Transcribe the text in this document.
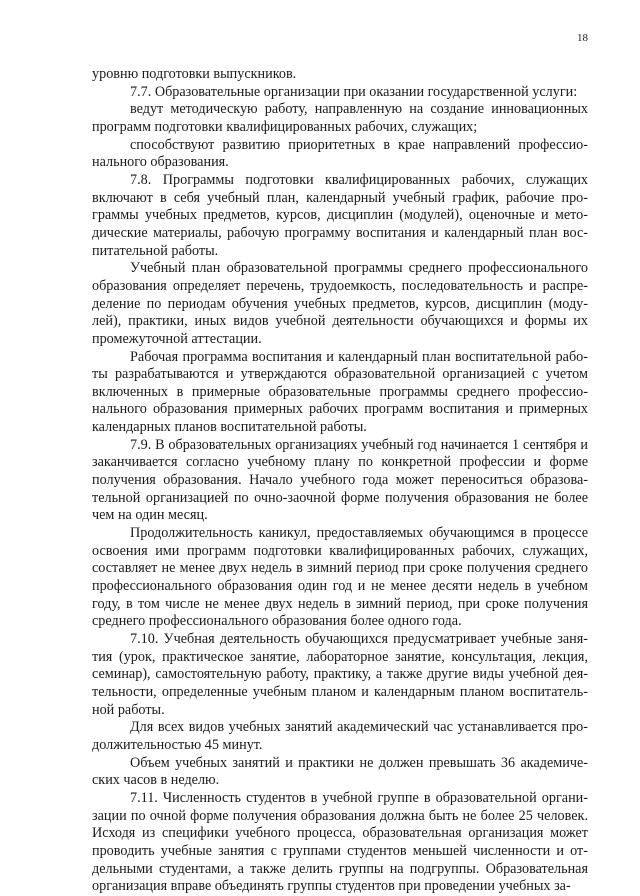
18

уровню подготовки выпускников.

7.7. Образовательные организации при оказании государственной услуги:

ведут методическую работу, направленную на создание инновационных программ подготовки квалифицированных рабочих, служащих;

способствуют развитию приоритетных в крае направлений профессионального образования.

7.8. Программы подготовки квалифицированных рабочих, служащих включают в себя учебный план, календарный учебный график, рабочие программы учебных предметов, курсов, дисциплин (модулей), оценочные и методические материалы, рабочую программу воспитания и календарный план воспитательной работы.

Учебный план образовательной программы среднего профессионального образования определяет перечень, трудоемкость, последовательность и распределение по периодам обучения учебных предметов, курсов, дисциплин (модулей), практики, иных видов учебной деятельности обучающихся и формы их промежуточной аттестации.

Рабочая программа воспитания и календарный план воспитательной работы разрабатываются и утверждаются образовательной организацией с учетом включенных в примерные образовательные программы среднего профессионального образования примерных рабочих программ воспитания и примерных календарных планов воспитательной работы.

7.9. В образовательных организациях учебный год начинается 1 сентября и заканчивается согласно учебному плану по конкретной профессии и форме получения образования. Начало учебного года может переноситься образовательной организацией по очно-заочной форме получения образования не более чем на один месяц.

Продолжительность каникул, предоставляемых обучающимся в процессе освоения ими программ подготовки квалифицированных рабочих, служащих, составляет не менее двух недель в зимний период при сроке получения среднего профессионального образования один год и не менее десяти недель в учебном году, в том числе не менее двух недель в зимний период, при сроке получения среднего профессионального образования более одного года.

7.10. Учебная деятельность обучающихся предусматривает учебные занятия (урок, практическое занятие, лабораторное занятие, консультация, лекция, семинар), самостоятельную работу, практику, а также другие виды учебной деятельности, определенные учебным планом и календарным планом воспитательной работы.

Для всех видов учебных занятий академический час устанавливается продолжительностью 45 минут.

Объем учебных занятий и практики не должен превышать 36 академических часов в неделю.

7.11. Численность студентов в учебной группе в образовательной организации по очной форме получения образования должна быть не более 25 человек. Исходя из специфики учебного процесса, образовательная организация может проводить учебные занятия с группами студентов меньшей численности и отдельными студентами, а также делить группы на подгруппы. Образовательная организация вправе объединять группы студентов при проведении учебных за-
